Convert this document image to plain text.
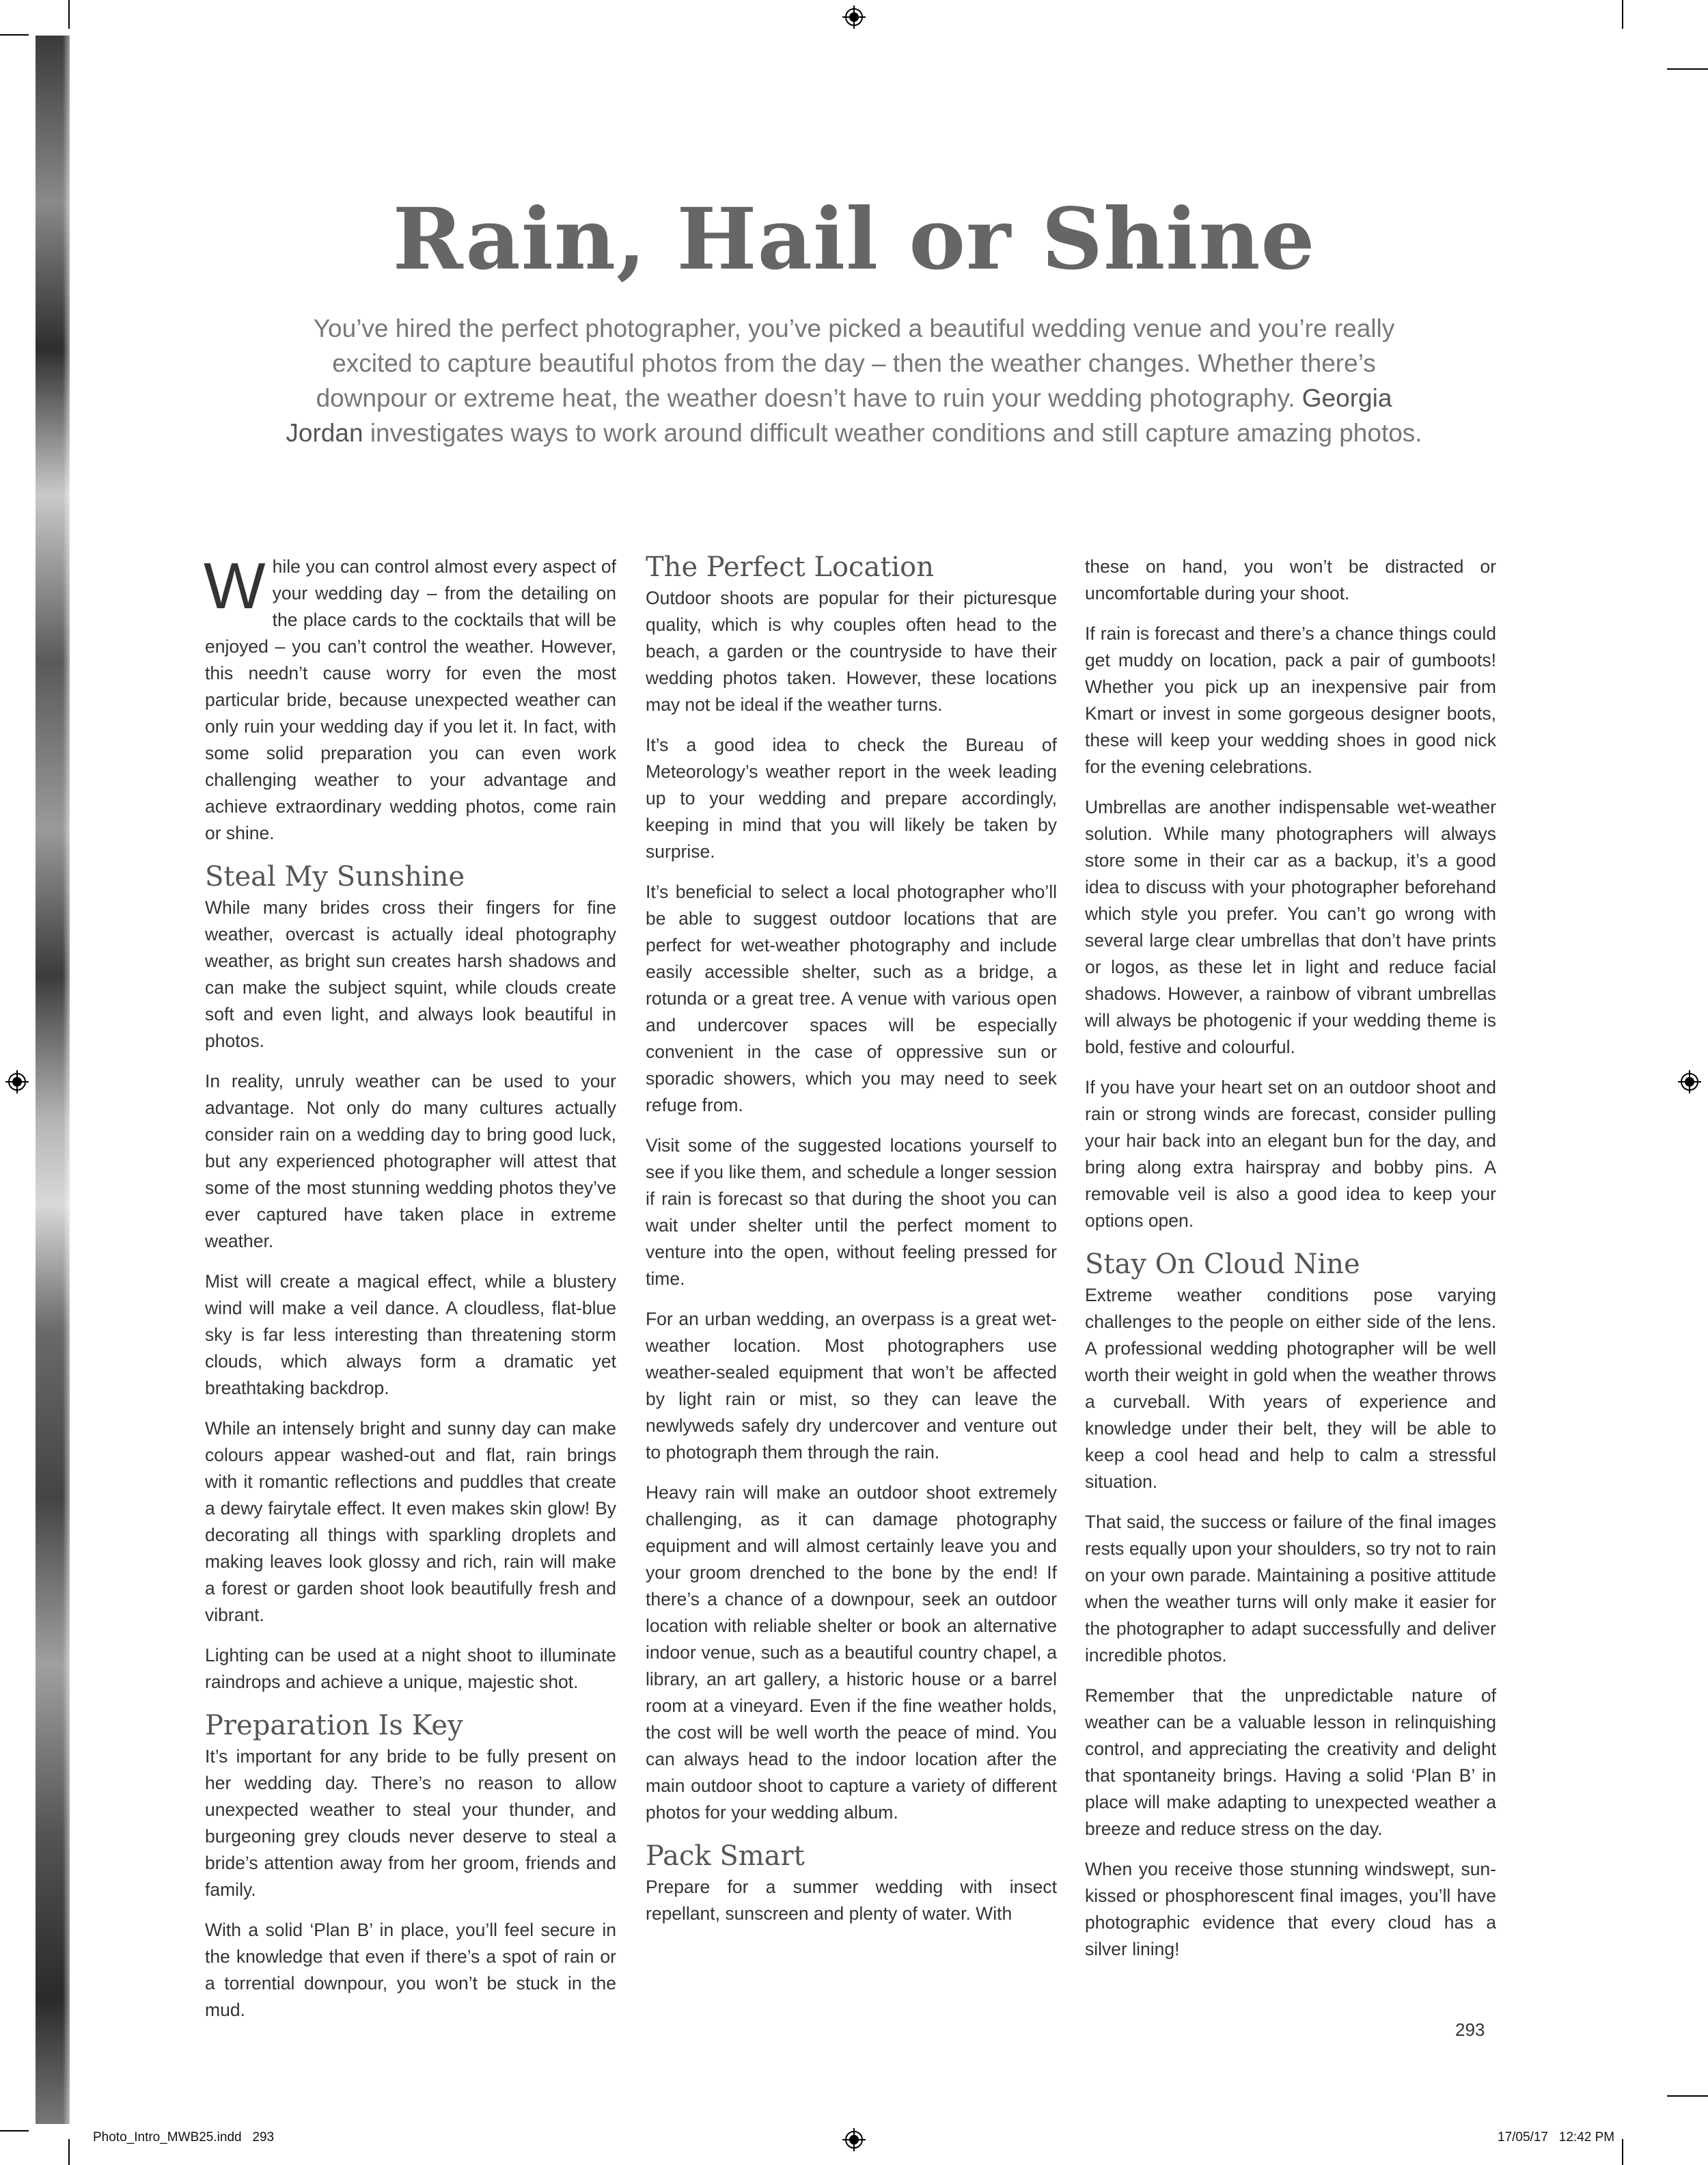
Rain, Hail or Shine
You’ve hired the perfect photographer, you’ve picked a beautiful wedding venue and you’re really excited to capture beautiful photos from the day – then the weather changes. Whether there’s downpour or extreme heat, the weather doesn’t have to ruin your wedding photography. Georgia Jordan investigates ways to work around difficult weather conditions and still capture amazing photos.

While you can control almost every aspect of your wedding day – from the detailing on the place cards to the cocktails that will be enjoyed – you can’t control the weather. However, this needn’t cause worry for even the most particular bride, because unexpected weather can only ruin your wedding day if you let it. In fact, with some solid preparation you can even work challenging weather to your advantage and achieve extraordinary wedding photos, come rain or shine.

Steal My Sunshine

While many brides cross their fingers for fine weather, overcast is actually ideal photography weather, as bright sun creates harsh shadows and can make the subject squint, while clouds create soft and even light, and always look beautiful in photos.

In reality, unruly weather can be used to your advantage. Not only do many cultures actually consider rain on a wedding day to bring good luck, but any experienced photographer will attest that some of the most stunning wedding photos they’ve ever captured have taken place in extreme weather.

Mist will create a magical effect, while a blustery wind will make a veil dance. A cloudless, flat-blue sky is far less interesting than threatening storm clouds, which always form a dramatic yet breathtaking backdrop.

While an intensely bright and sunny day can make colours appear washed-out and flat, rain brings with it romantic reflections and puddles that create a dewy fairytale effect. It even makes skin glow! By decorating all things with sparkling droplets and making leaves look glossy and rich, rain will make a forest or garden shoot look beautifully fresh and vibrant.

Lighting can be used at a night shoot to illuminate raindrops and achieve a unique, majestic shot.

Preparation Is Key

It’s important for any bride to be fully present on her wedding day. There’s no reason to allow unexpected weather to steal your thunder, and burgeoning grey clouds never deserve to steal a bride’s attention away from her groom, friends and family.

With a solid ‘Plan B’ in place, you’ll feel secure in the knowledge that even if there’s a spot of rain or a torrential downpour, you won’t be stuck in the mud.

The Perfect Location

Outdoor shoots are popular for their picturesque quality, which is why couples often head to the beach, a garden or the countryside to have their wedding photos taken. However, these locations may not be ideal if the weather turns.

It’s a good idea to check the Bureau of Meteorology’s weather report in the week leading up to your wedding and prepare accordingly, keeping in mind that you will likely be taken by surprise.

It’s beneficial to select a local photographer who’ll be able to suggest outdoor locations that are perfect for wet-weather photography and include easily accessible shelter, such as a bridge, a rotunda or a great tree. A venue with various open and undercover spaces will be especially convenient in the case of oppressive sun or sporadic showers, which you may need to seek refuge from.

Visit some of the suggested locations yourself to see if you like them, and schedule a longer session if rain is forecast so that during the shoot you can wait under shelter until the perfect moment to venture into the open, without feeling pressed for time.

For an urban wedding, an overpass is a great wet-weather location. Most photographers use weather-sealed equipment that won’t be affected by light rain or mist, so they can leave the newlyweds safely dry undercover and venture out to photograph them through the rain.

Heavy rain will make an outdoor shoot extremely challenging, as it can damage photography equipment and will almost certainly leave you and your groom drenched to the bone by the end! If there’s a chance of a downpour, seek an outdoor location with reliable shelter or book an alternative indoor venue, such as a beautiful country chapel, a library, an art gallery, a historic house or a barrel room at a vineyard. Even if the fine weather holds, the cost will be well worth the peace of mind. You can always head to the indoor location after the main outdoor shoot to capture a variety of different photos for your wedding album.

Pack Smart

Prepare for a summer wedding with insect repellant, sunscreen and plenty of water. With

these on hand, you won’t be distracted or uncomfortable during your shoot.

If rain is forecast and there’s a chance things could get muddy on location, pack a pair of gumboots! Whether you pick up an inexpensive pair from Kmart or invest in some gorgeous designer boots, these will keep your wedding shoes in good nick for the evening celebrations.

Umbrellas are another indispensable wet-weather solution. While many photographers will always store some in their car as a backup, it’s a good idea to discuss with your photographer beforehand which style you prefer. You can’t go wrong with several large clear umbrellas that don’t have prints or logos, as these let in light and reduce facial shadows. However, a rainbow of vibrant umbrellas will always be photogenic if your wedding theme is bold, festive and colourful.

If you have your heart set on an outdoor shoot and rain or strong winds are forecast, consider pulling your hair back into an elegant bun for the day, and bring along extra hairspray and bobby pins. A removable veil is also a good idea to keep your options open.

Stay On Cloud Nine

Extreme weather conditions pose varying challenges to the people on either side of the lens. A professional wedding photographer will be well worth their weight in gold when the weather throws a curveball. With years of experience and knowledge under their belt, they will be able to keep a cool head and help to calm a stressful situation.

That said, the success or failure of the final images rests equally upon your shoulders, so try not to rain on your own parade. Maintaining a positive attitude when the weather turns will only make it easier for the photographer to adapt successfully and deliver incredible photos.

Remember that the unpredictable nature of weather can be a valuable lesson in relinquishing control, and appreciating the creativity and delight that spontaneity brings. Having a solid ‘Plan B’ in place will make adapting to unexpected weather a breeze and reduce stress on the day.

When you receive those stunning windswept, sun-kissed or phosphorescent final images, you’ll have photographic evidence that every cloud has a silver lining!

293
Photo_Intro_MWB25.indd   293	17/05/17   12:42 PM
